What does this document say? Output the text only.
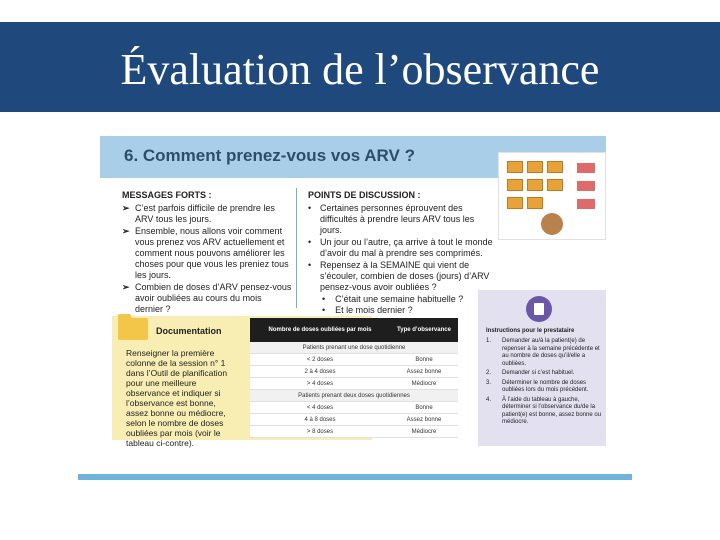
Évaluation de l’observance
6. Comment prenez-vous vos ARV ?
MESSAGES FORTS :
➢ C’est parfois difficile de prendre les ARV tous les jours.
➢ Ensemble, nous allons voir comment vous prenez vos ARV actuellement et comment nous pouvons améliorer les choses pour que vous les preniez tous les jours.
➢ Combien de doses d’ARV pensez-vous avoir oubliées au cours du mois dernier ?
POINTS DE DISCUSSION :
• Certaines personnes éprouvent des difficultés à prendre leurs ARV tous les jours.
• Un jour ou l’autre, ça arrive à tout le monde d’avoir du mal à prendre ses comprimés.
• Repensez à la SEMAINE qui vient de s’écouler, combien de doses (jours) d’ARV pensez-vous avoir oubliées ?
• C’était une semaine habituelle ?
• Et le mois dernier ?
Documentation
Renseigner la première colonne de la session n° 1 dans l’Outil de planification pour une meilleure observance et indiquer si l’observance est bonne, assez bonne ou médiocre, selon le nombre de doses oubliées par mois (voir le tableau ci-contre).
Nombre de doses oubliées par mois	Type d’observance
Patients prenant une dose quotidienne
< 2 doses	Bonne
2 à 4 doses	Assez bonne
> 4 doses	Médiocre
Patients prenant deux doses quotidiennes
< 4 doses	Bonne
4 à 8 doses	Assez bonne
> 8 doses	Médiocre
Instructions pour le prestataire
1.	Demander au/à la patient(e) de repenser à la semaine précédente et au nombre de doses qu’il/elle a oubliées.
2.	Demander si c’est habituel.
3.	Déterminer le nombre de doses oubliées lors du mois précédent.
4.	À l’aide du tableau à gauche, déterminer si l’observance du/de la patient(e) est bonne, assez bonne ou médiocre.
